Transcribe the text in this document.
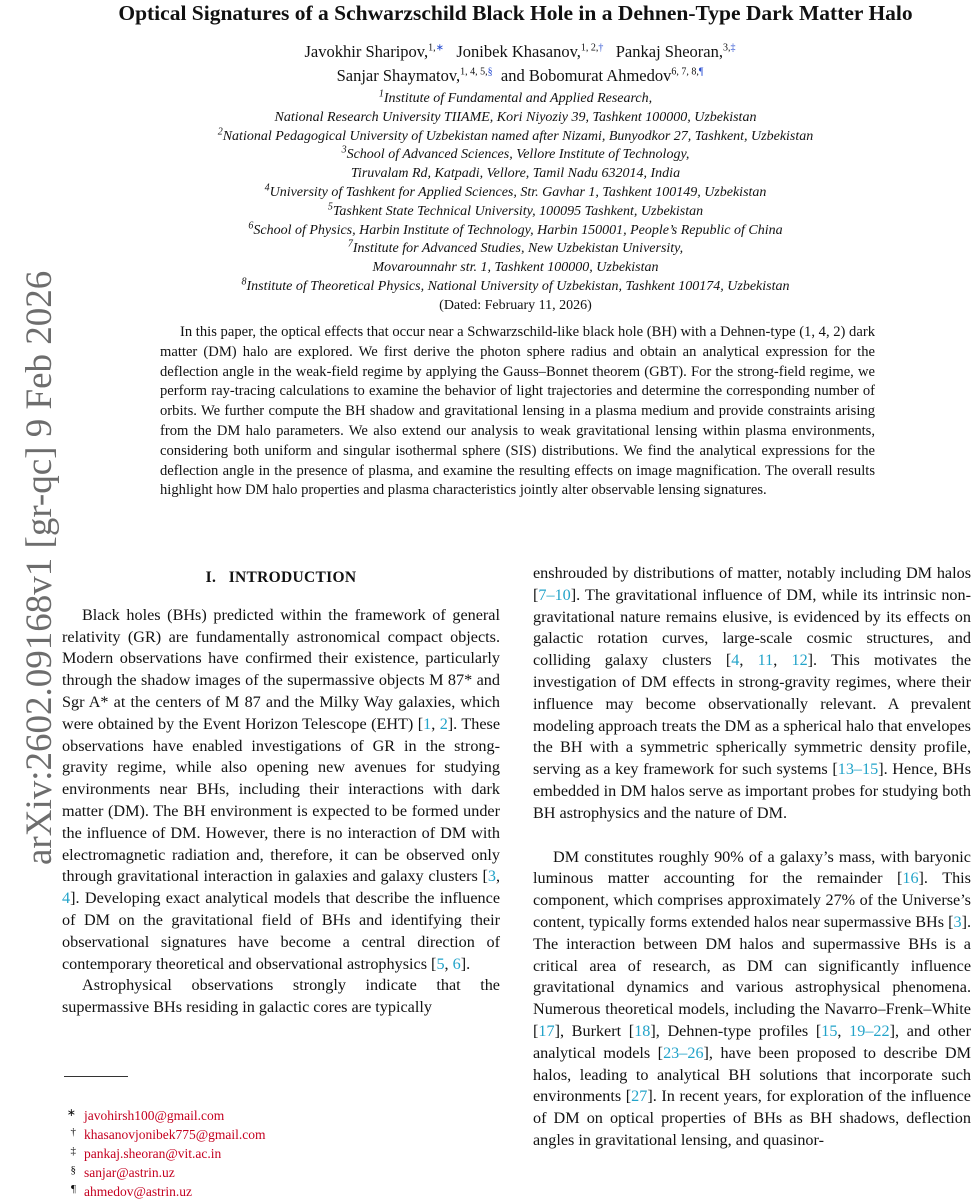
arXiv:2602.09168v1 [gr-qc] 9 Feb 2026
Optical Signatures of a Schwarzschild Black Hole in a Dehnen-Type Dark Matter Halo
Javokhir Sharipov,$^{1,∗}$ Jonibek Khasanov,$^{1, 2,\dagger}$ Pankaj Sheoran,$^{3,\ddagger}$
Sanjar Shaymatov,$^{1, 4, 5,\S}$ and Bobomurat Ahmedov$^{6, 7, 8,\P}$
$^1$Institute of Fundamental and Applied Research,
National Research University TIIAME, Kori Niyoziy 39, Tashkent 100000, Uzbekistan
$^2$National Pedagogical University of Uzbekistan named after Nizami, Bunyodkor 27, Tashkent, Uzbekistan
$^3$School of Advanced Sciences, Vellore Institute of Technology,
Tiruvalam Rd, Katpadi, Vellore, Tamil Nadu 632014, India
$^4$University of Tashkent for Applied Sciences, Str. Gavhar 1, Tashkent 100149, Uzbekistan
$^5$Tashkent State Technical University, 100095 Tashkent, Uzbekistan
$^6$School of Physics, Harbin Institute of Technology, Harbin 150001, People’s Republic of China
$^7$Institute for Advanced Studies, New Uzbekistan University,
Movarounnahr str. 1, Tashkent 100000, Uzbekistan
$^8$Institute of Theoretical Physics, National University of Uzbekistan, Tashkent 100174, Uzbekistan
(Dated: February 11, 2026)
In this paper, the optical effects that occur near a Schwarzschild-like black hole (BH) with a Dehnen-type (1, 4, 2) dark matter (DM) halo are explored. We first derive the photon sphere radius and obtain an analytical expression for the deflection angle in the weak-field regime by applying the Gauss–Bonnet theorem (GBT). For the strong-field regime, we perform ray-tracing calculations to examine the behavior of light trajectories and determine the corresponding number of orbits. We further compute the BH shadow and gravitational lensing in a plasma medium and provide constraints arising from the DM halo parameters. We also extend our analysis to weak gravitational lensing within plasma environments, considering both uniform and singular isothermal sphere (SIS) distributions. We find the analytical expressions for the deflection angle in the presence of plasma, and examine the resulting effects on image magnification. The overall results highlight how DM halo properties and plasma characteristics jointly alter observable lensing signatures.
I. INTRODUCTION

Black holes (BHs) predicted within the framework of general relativity (GR) are fundamentally astronomical compact objects. Modern observations have confirmed their existence, particularly through the shadow images of the supermassive objects M 87* and Sgr A* at the centers of M 87 and the Milky Way galaxies, which were obtained by the Event Horizon Telescope (EHT) [1, 2]. These observations have enabled investigations of GR in the strong-gravity regime, while also opening new avenues for studying environments near BHs, including their interactions with dark matter (DM). The BH environment is expected to be formed under the influence of DM. However, there is no interaction of DM with electromagnetic radiation and, therefore, it can be observed only through gravitational interaction in galaxies and galaxy clusters [3, 4]. Developing exact analytical models that describe the influence of DM on the gravitational field of BHs and identifying their observational signatures have become a central direction of contemporary theoretical and observational astrophysics [5, 6].

Astrophysical observations strongly indicate that the supermassive BHs residing in galactic cores are typically

enshrouded by distributions of matter, notably including DM halos [7–10]. The gravitational influence of DM, while its intrinsic non-gravitational nature remains elusive, is evidenced by its effects on galactic rotation curves, large-scale cosmic structures, and colliding galaxy clusters [4, 11, 12]. This motivates the investigation of DM effects in strong-gravity regimes, where their influence may become observationally relevant. A prevalent modeling approach treats the DM as a spherical halo that envelopes the BH with a symmetric spherically symmetric density profile, serving as a key framework for such systems [13–15]. Hence, BHs embedded in DM halos serve as important probes for studying both BH astrophysics and the nature of DM.

DM constitutes roughly 90% of a galaxy’s mass, with baryonic luminous matter accounting for the remainder [16]. This component, which comprises approximately 27% of the Universe’s content, typically forms extended halos near supermassive BHs [3]. The interaction between DM halos and supermassive BHs is a critical area of research, as DM can significantly influence gravitational dynamics and various astrophysical phenomena. Numerous theoretical models, including the Navarro–Frenk–White [17], Burkert [18], Dehnen-type profiles [15, 19–22], and other analytical models [23–26], have been proposed to describe DM halos, leading to analytical BH solutions that incorporate such environments [27]. In recent years, for exploration of the influence of DM on optical properties of BHs as BH shadows, deflection angles in gravitational lensing, and quasinor-

∗ javohirsh100@gmail.com
† khasanovjonibek775@gmail.com
‡ pankaj.sheoran@vit.ac.in
§ sanjar@astrin.uz
¶ ahmedov@astrin.uz
